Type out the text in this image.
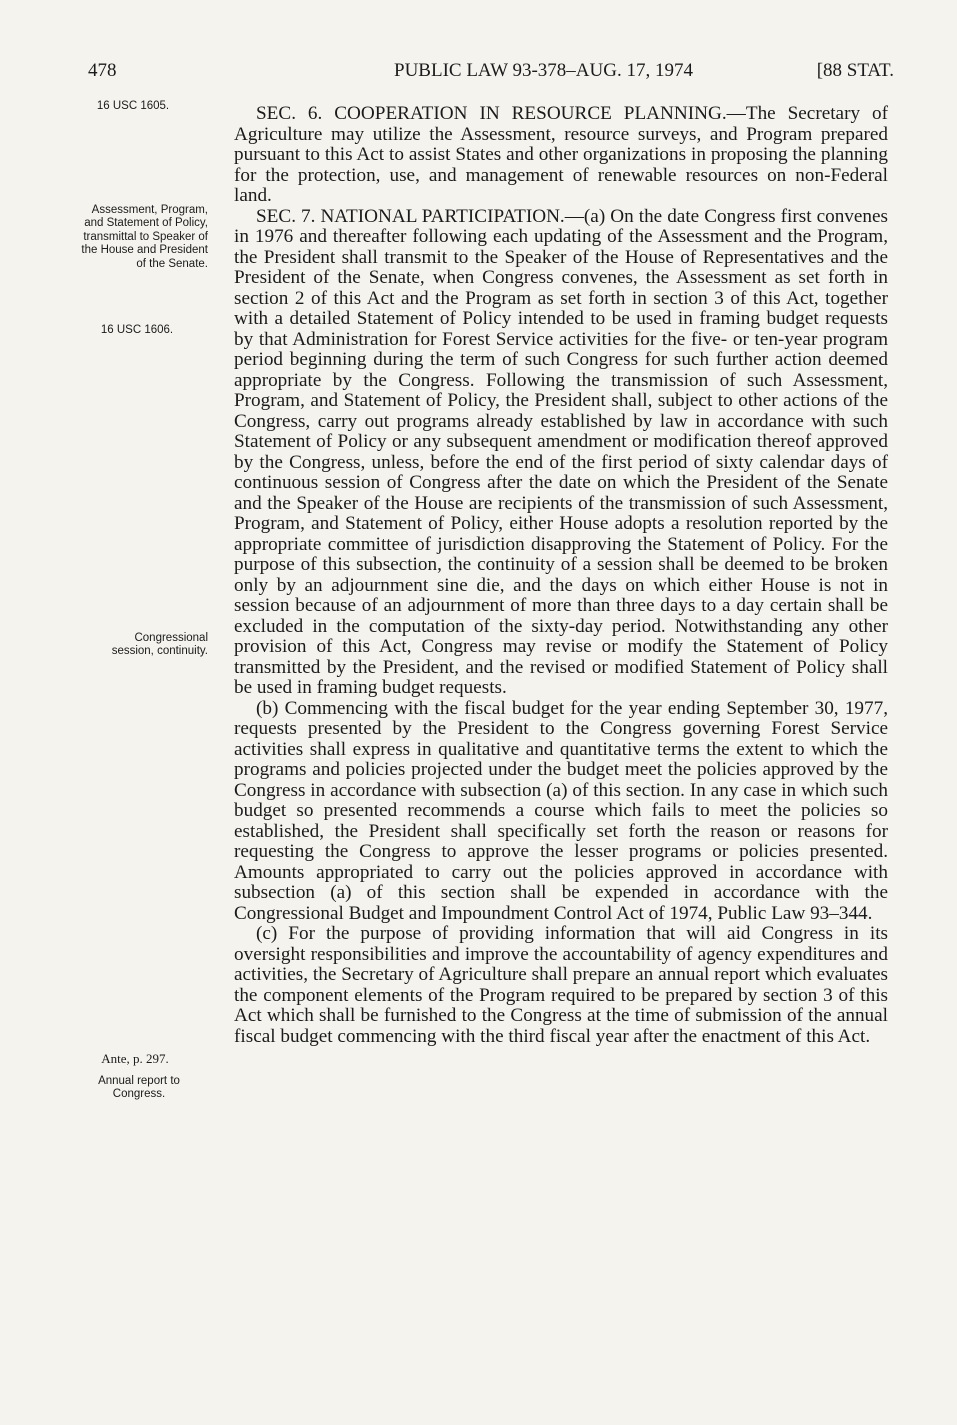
478	PUBLIC LAW 93-378–AUG. 17, 1974	[88 STAT.
16 USC 1605.
Assessment, Program, and Statement of Policy, transmittal to Speaker of the House and President of the Senate.
16 USC 1606.
Congressional session, continuity.
Ante, p. 297.
Annual report to Congress.

SEC. 6. COOPERATION IN RESOURCE PLANNING.—The Secretary of Agriculture may utilize the Assessment, resource surveys, and Program prepared pursuant to this Act to assist States and other organizations in proposing the planning for the protection, use, and management of renewable resources on non-Federal land.

SEC. 7. NATIONAL PARTICIPATION.—(a) On the date Congress first convenes in 1976 and thereafter following each updating of the Assessment and the Program, the President shall transmit to the Speaker of the House of Representatives and the President of the Senate, when Congress convenes, the Assessment as set forth in section 2 of this Act and the Program as set forth in section 3 of this Act, together with a detailed Statement of Policy intended to be used in framing budget requests by that Administration for Forest Service activities for the five- or ten-year program period beginning during the term of such Congress for such further action deemed appropriate by the Congress. Following the transmission of such Assessment, Program, and Statement of Policy, the President shall, subject to other actions of the Congress, carry out programs already established by law in accordance with such Statement of Policy or any subsequent amendment or modification thereof approved by the Congress, unless, before the end of the first period of sixty calendar days of continuous session of Congress after the date on which the President of the Senate and the Speaker of the House are recipients of the transmission of such Assessment, Program, and Statement of Policy, either House adopts a resolution reported by the appropriate committee of jurisdiction disapproving the Statement of Policy. For the purpose of this subsection, the continuity of a session shall be deemed to be broken only by an adjournment sine die, and the days on which either House is not in session because of an adjournment of more than three days to a day certain shall be excluded in the computation of the sixty-day period. Notwithstanding any other provision of this Act, Congress may revise or modify the Statement of Policy transmitted by the President, and the revised or modified Statement of Policy shall be used in framing budget requests.

(b) Commencing with the fiscal budget for the year ending September 30, 1977, requests presented by the President to the Congress governing Forest Service activities shall express in qualitative and quantitative terms the extent to which the programs and policies projected under the budget meet the policies approved by the Congress in accordance with subsection (a) of this section. In any case in which such budget so presented recommends a course which fails to meet the policies so established, the President shall specifically set forth the reason or reasons for requesting the Congress to approve the lesser programs or policies presented. Amounts appropriated to carry out the policies approved in accordance with subsection (a) of this section shall be expended in accordance with the Congressional Budget and Impoundment Control Act of 1974, Public Law 93–344.

(c) For the purpose of providing information that will aid Congress in its oversight responsibilities and improve the accountability of agency expenditures and activities, the Secretary of Agriculture shall prepare an annual report which evaluates the component elements of the Program required to be prepared by section 3 of this Act which shall be furnished to the Congress at the time of submission of the annual fiscal budget commencing with the third fiscal year after the enactment of this Act.
